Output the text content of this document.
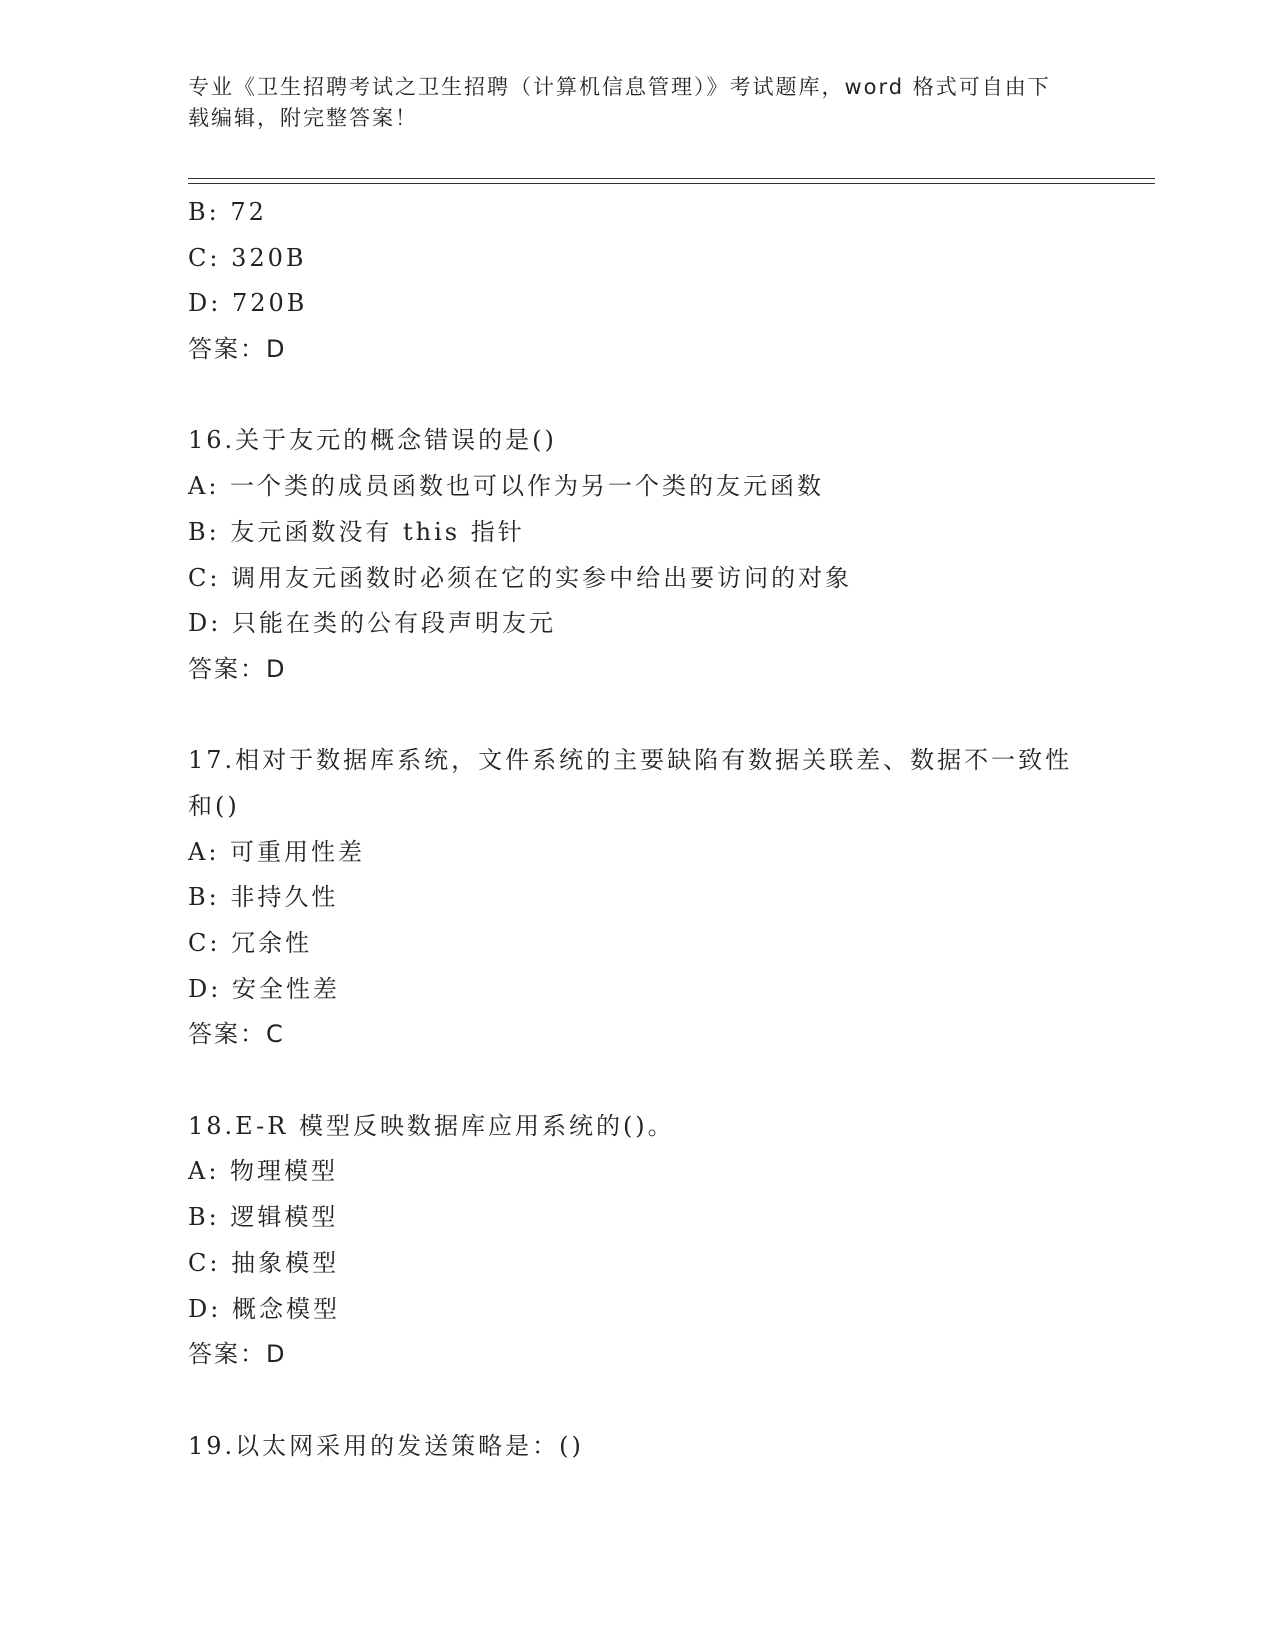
专业《卫生招聘考试之卫生招聘（计算机信息管理）》考试题库，word 格式可自由下载编辑，附完整答案！
B: 72
C: 320B
D: 720B
答案：D
16.关于友元的概念错误的是()
A: 一个类的成员函数也可以作为另一个类的友元函数
B: 友元函数没有 this 指针
C: 调用友元函数时必须在它的实参中给出要访问的对象
D: 只能在类的公有段声明友元
答案：D
17.相对于数据库系统，文件系统的主要缺陷有数据关联差、数据不一致性和()
A: 可重用性差
B: 非持久性
C: 冗余性
D: 安全性差
答案：C
18.E-R 模型反映数据库应用系统的()。
A: 物理模型
B: 逻辑模型
C: 抽象模型
D: 概念模型
答案：D
19.以太网采用的发送策略是：()
